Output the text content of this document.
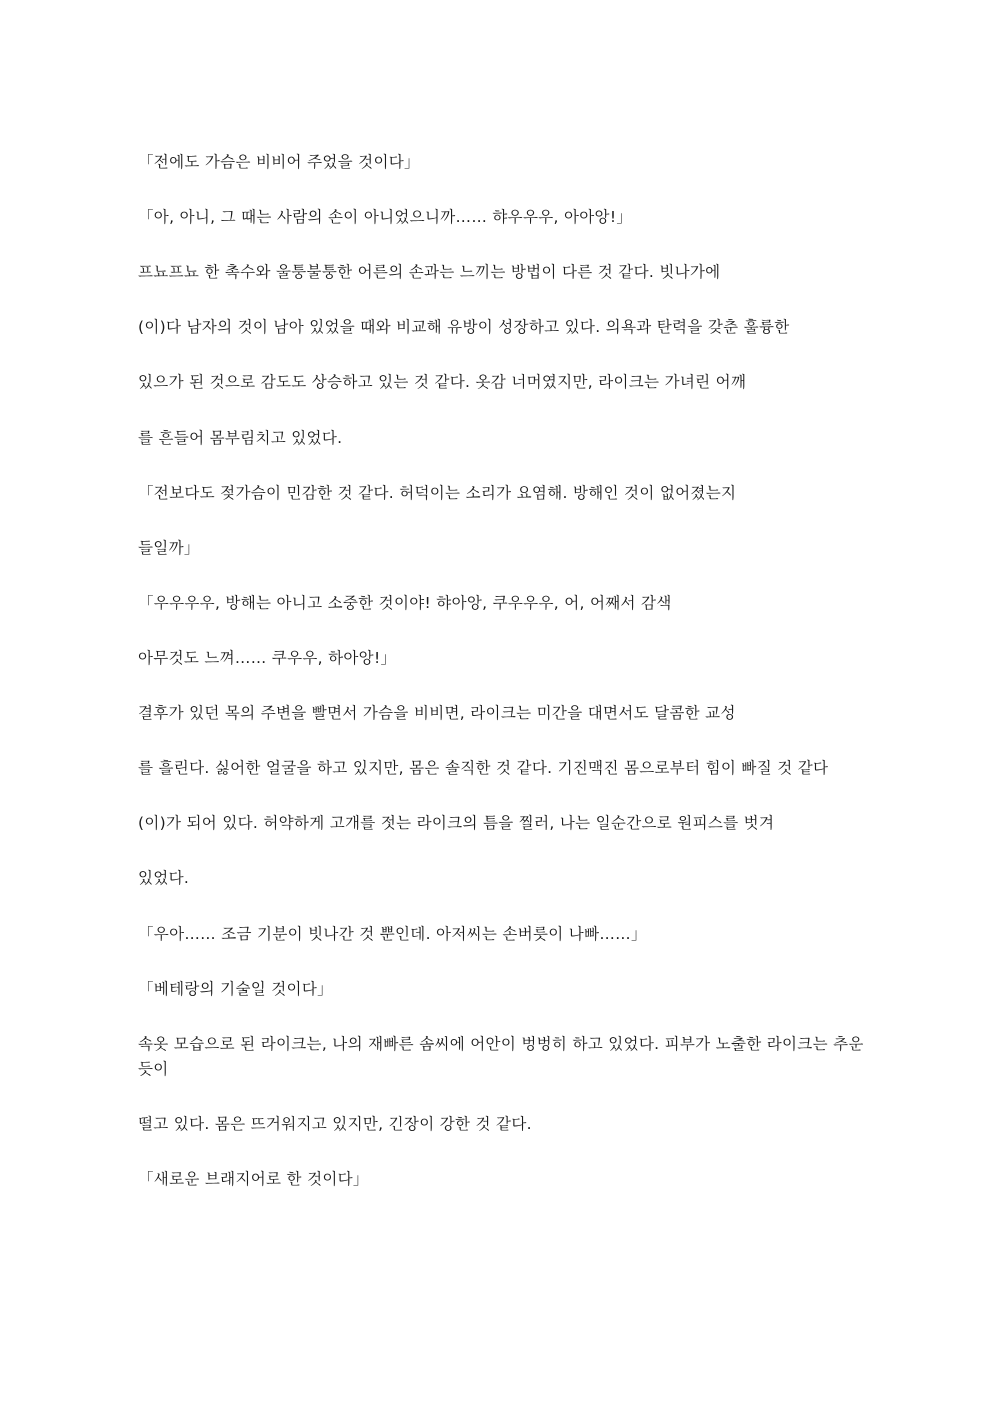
「전에도 가슴은 비비어 주었을 것이다」

「아, 아니, 그 때는 사람의 손이 아니었으니까…… 햐우우우, 아아앙!」

프뇨프뇨 한 촉수와 울퉁불퉁한 어른의 손과는 느끼는 방법이 다른 것 같다. 빗나가에

(이)다 남자의 것이 남아 있었을 때와 비교해 유방이 성장하고 있다. 의욕과 탄력을 갖춘 훌륭한

있으가 된 것으로 감도도 상승하고 있는 것 같다. 옷감 너머였지만, 라이크는 가녀린 어깨

를 흔들어 몸부림치고 있었다.

「전보다도 젖가슴이 민감한 것 같다. 허덕이는 소리가 요염해. 방해인 것이 없어졌는지

들일까」

「우우우우, 방해는 아니고 소중한 것이야! 햐아앙, 쿠우우우, 어, 어째서 감색

아무것도 느껴…… 쿠우우, 하아앙!」

결후가 있던 목의 주변을 빨면서 가슴을 비비면, 라이크는 미간을 대면서도 달콤한 교성

를 흘린다. 싫어한 얼굴을 하고 있지만, 몸은 솔직한 것 같다. 기진맥진 몸으로부터 힘이 빠질 것 같다

(이)가 되어 있다. 허약하게 고개를 젓는 라이크의 틈을 찔러, 나는 일순간으로 원피스를 벗겨

있었다.

「우아…… 조금 기분이 빗나간 것 뿐인데. 아저씨는 손버릇이 나빠……」

「베테랑의 기술일 것이다」

속옷 모습으로 된 라이크는, 나의 재빠른 솜씨에 어안이 벙벙히 하고 있었다. 피부가 노출한 라이크는 추운 듯이

떨고 있다. 몸은 뜨거워지고 있지만, 긴장이 강한 것 같다.

「새로운 브래지어로 한 것이다」
